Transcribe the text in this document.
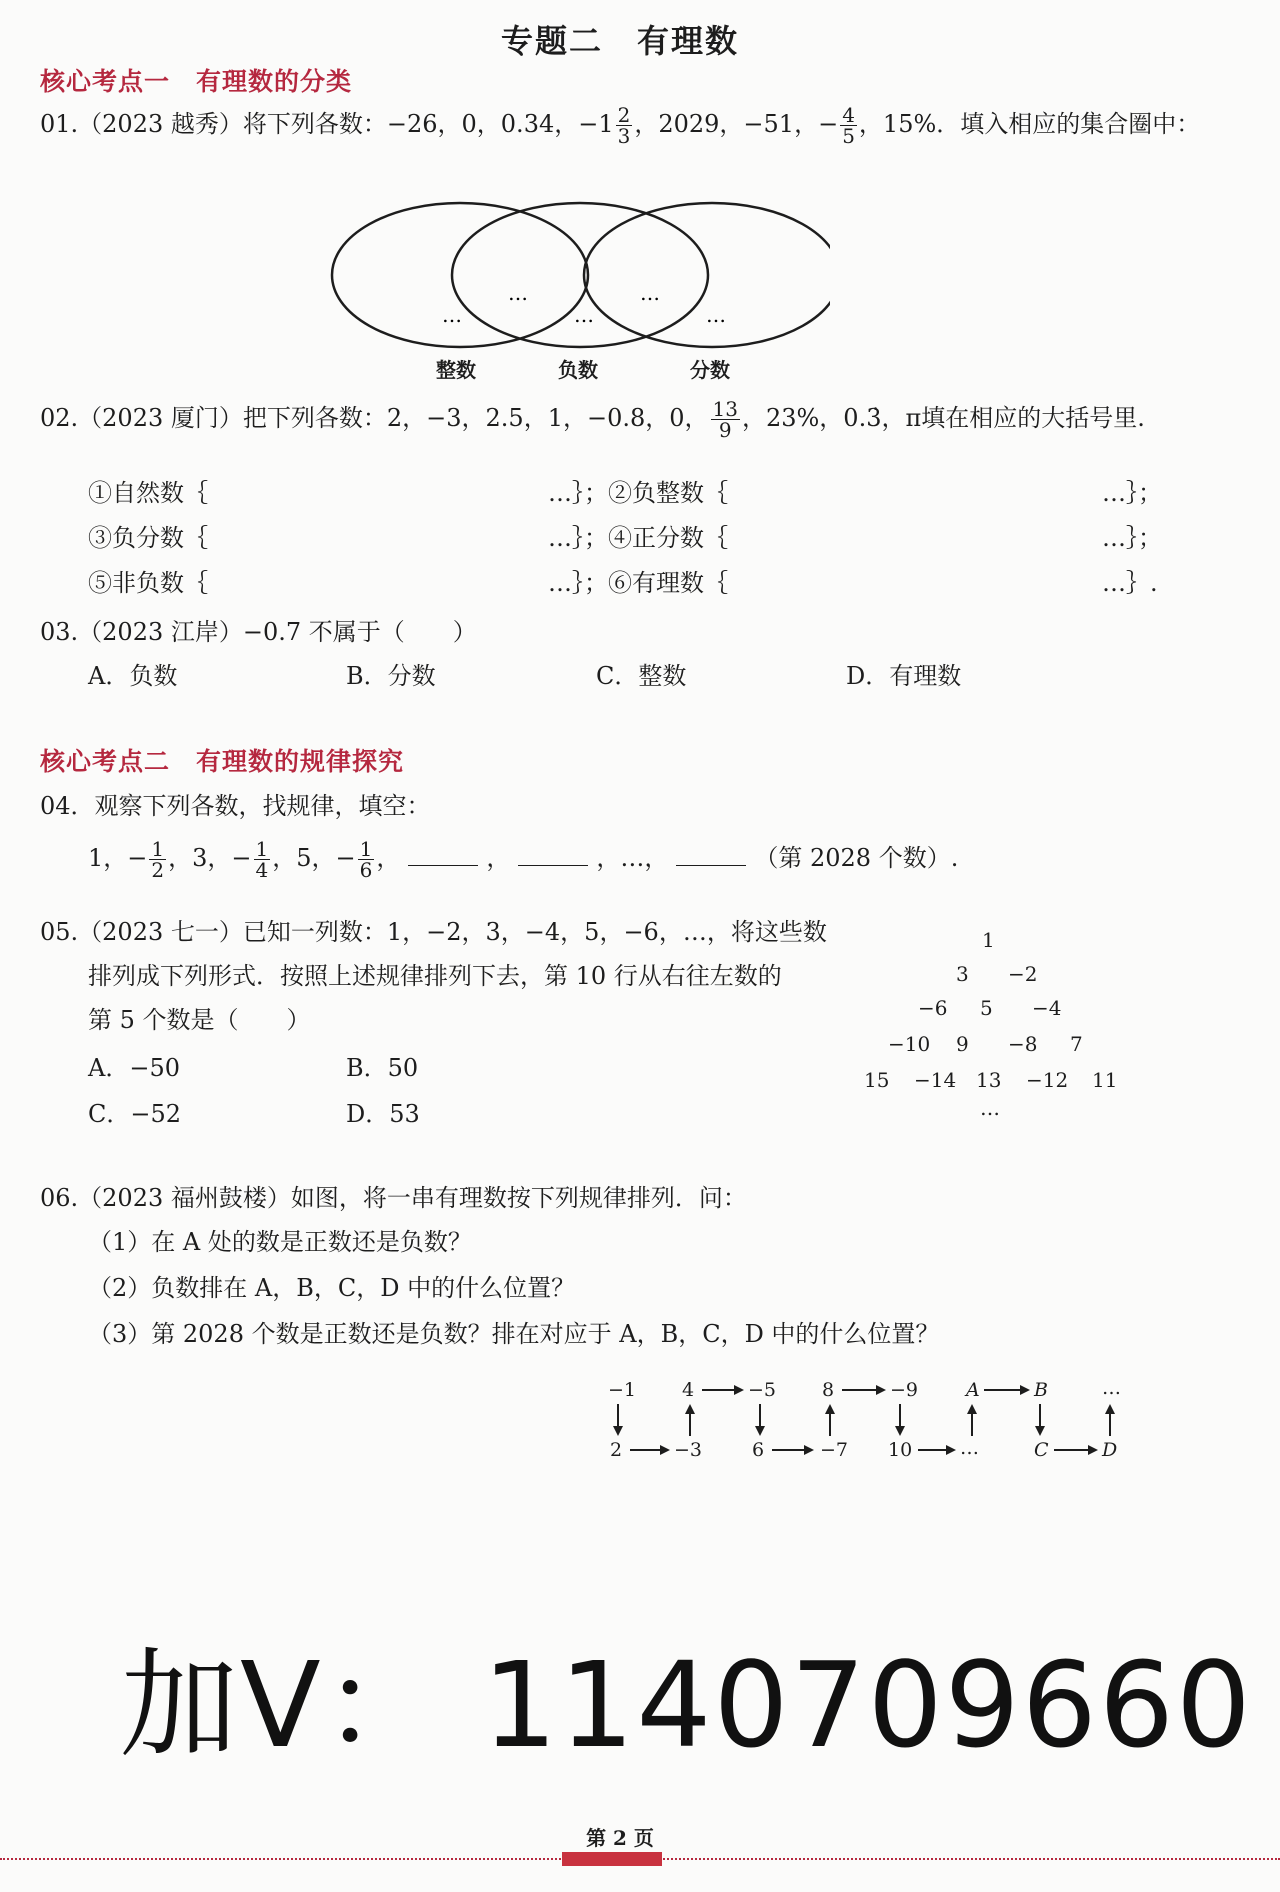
专题二　有理数
核心考点一　有理数的分类
01.（2023 越秀）将下列各数：−26，0，0.34，$-1 \frac{2}{3}$ ，2029，−51，− $\frac{4}{5}$ ，15%．填入相应的集合圈中：
…
…
…
…
…
整数	负数	分数
02.（2023 厦门）把下列各数：2，−3，2.5，1，−0.8，0， $\frac{13}{9}$ ，23%，0.3̇，π填在相应的大括号里.
①自然数｛	…｝；②负整数｛	…｝；
③负分数｛	…｝；④正分数｛	…｝；
⑤非负数｛	…｝；⑥有理数｛	…｝.
03.（2023 江岸）−0.7 不属于（　　）
A．负数	B．分数	C．整数	D．有理数
核心考点二　有理数的规律探究
04．观察下列各数，找规律，填空：
1，− $\frac{1}{2}$ ，3，− $\frac{1}{4}$ ，5，− $\frac{1}{6}$ ，	，	，…，	（第 2028 个数）.
05.（2023 七一）已知一列数：1，−2，3，−4，5，−6，…，将这些数
排列成下列形式．按照上述规律排列下去，第 10 行从右往左数的
第 5 个数是（　　）
A．−50	B．50
C．−52	D．53
1
3 −2
−6 5 −4
−10 9 −8 7
15 −14 13 −12 11
…
06.（2023 福州鼓楼）如图，将一串有理数按下列规律排列．问：
（1）在 A 处的数是正数还是负数？
（2）负数排在 A，B，C，D 中的什么位置？
（3）第 2028 个数是正数还是负数？排在对应于 A，B，C，D 中的什么位置？
−1 4	−5 8	−9	A	B	…
2	−3	6	−7 10	…	C	D
加V： 1140709660
第 2 页
